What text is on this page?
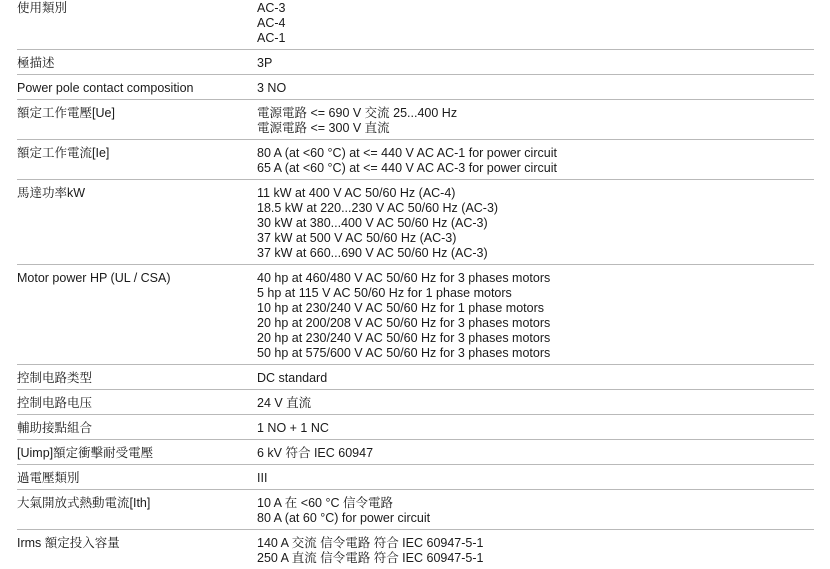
使用類別	AC-3
AC-4
AC-1
極描述	3P
Power pole contact composition	3 NO
額定工作電壓[Ue]	電源電路 <= 690 V 交流 25...400 Hz
電源電路 <= 300 V 直流
額定工作電流[Ie]	80 A (at <60 °C) at <= 440 V AC AC-1 for power circuit
65 A (at <60 °C) at <= 440 V AC AC-3 for power circuit
馬達功率kW	11 kW at 400 V AC 50/60 Hz (AC-4)
18.5 kW at 220...230 V AC 50/60 Hz (AC-3)
30 kW at 380...400 V AC 50/60 Hz (AC-3)
37 kW at 500 V AC 50/60 Hz (AC-3)
37 kW at 660...690 V AC 50/60 Hz (AC-3)
Motor power HP (UL / CSA)	40 hp at 460/480 V AC 50/60 Hz for 3 phases motors
5 hp at 115 V AC 50/60 Hz for 1 phase motors
10 hp at 230/240 V AC 50/60 Hz for 1 phase motors
20 hp at 200/208 V AC 50/60 Hz for 3 phases motors
20 hp at 230/240 V AC 50/60 Hz for 3 phases motors
50 hp at 575/600 V AC 50/60 Hz for 3 phases motors
控制电路类型	DC standard
控制电路电压	24 V 直流
輔助接點組合	1 NO + 1 NC
[Uimp]額定衝擊耐受電壓	6 kV 符合 IEC 60947
過電壓類別	III
大氣開放式熱動電流[Ith]	10 A 在 <60 °C 信令電路
80 A (at 60 °C) for power circuit
Irms 額定投入容量	140 A 交流 信令電路 符合 IEC 60947-5-1
250 A 直流 信令電路 符合 IEC 60947-5-1
